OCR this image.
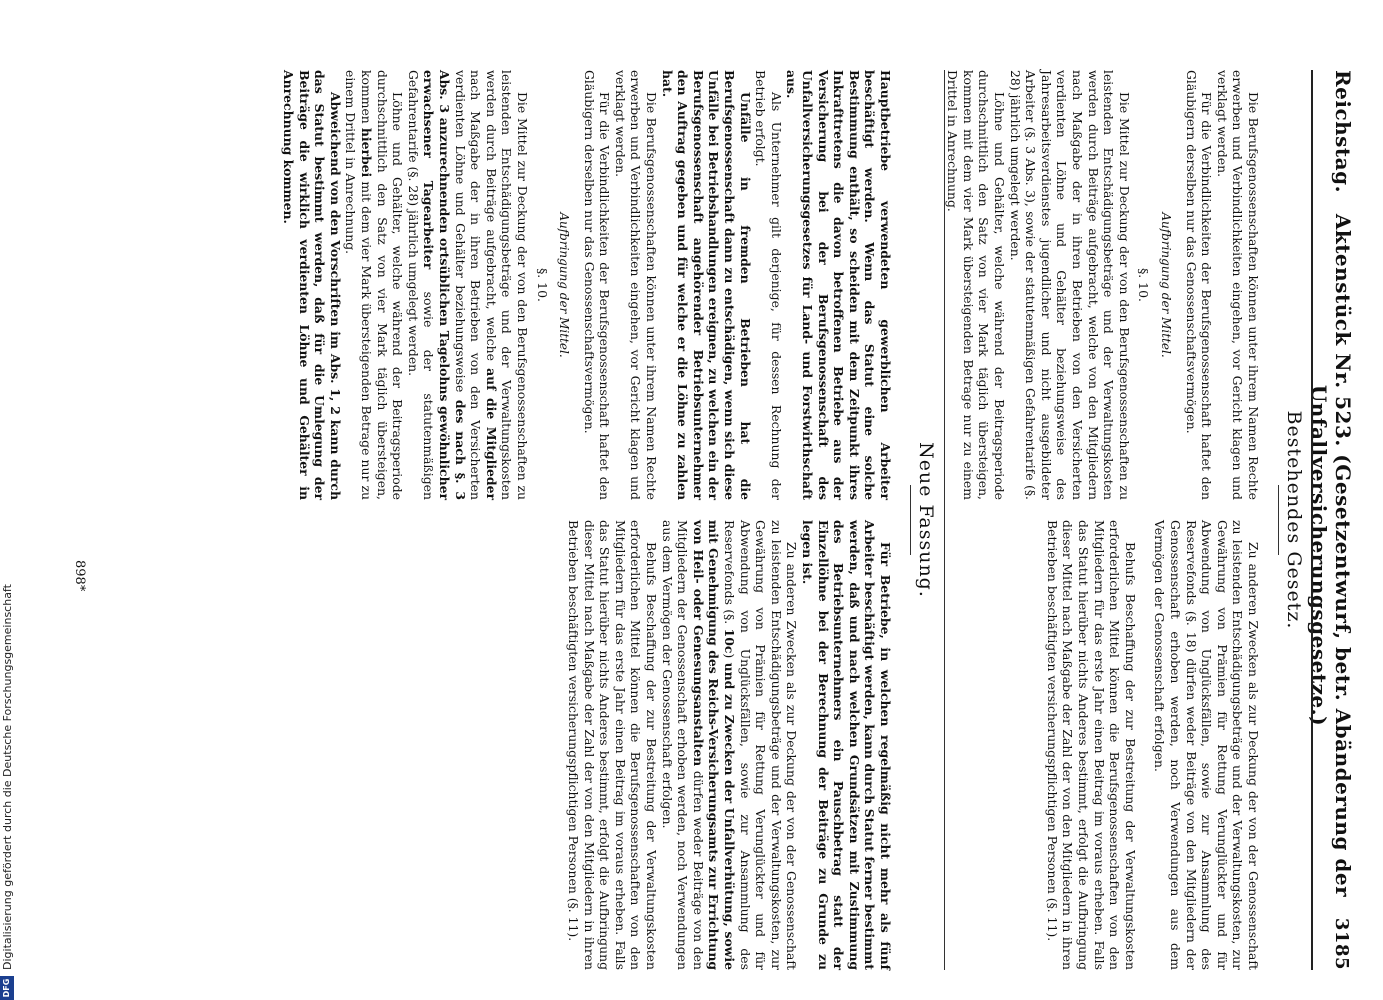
Reichstag.
Aktenstück Nr. 523. (Gesetzentwurf, betr. Abänderung der Unfallversicherungsgesetze.)
3185
Bestehendes Gesetz.

Die Berufsgenossenschaften können unter ihrem Namen Rechte erwerben und Verbindlichkeiten eingehen, vor Gericht klagen und verklagt werden.

Für die Verbindlichkeiten der Berufsgenossenschaft haftet den Gläubigern derselben nur das Genossenschaftsvermögen.

Aufbringung der Mittel.
§. 10.

Die Mittel zur Deckung der von den Berufsgenossenschaften zu leistenden Entschädigungsbeträge und der Verwaltungskosten werden durch Beiträge aufgebracht, welche von den Mitgliedern nach Maßgabe der in ihren Betrieben von den Versicherten verdienten Löhne und Gehälter beziehungsweise des Jahresarbeitsverdienstes jugendlicher und nicht ausgebildeter Arbeiter (§. 3 Abs. 3), sowie der statutenmäßigen Gefahrentarife (§. 28) jährlich umgelegt werden.

Löhne und Gehälter, welche während der Beitragsperiode durchschnittlich den Satz von vier Mark täglich übersteigen, kommen mit dem vier Mark übersteigenden Betrage nur zu einem Drittel in Anrechnung.

Zu anderen Zwecken als zur Deckung der von der Genossenschaft zu leistenden Entschädigungsbeträge und der Verwaltungskosten, zur Gewährung von Prämien für Rettung Verunglückter und für Abwendung von Unglücksfällen, sowie zur Ansammlung des Reservefonds (§. 18) dürfen weder Beiträge von den Mitgliedern der Genossenschaft erhoben werden, noch Verwendungen aus dem Vermögen der Genossenschaft erfolgen.

Behufs Beschaffung der zur Bestreitung der Verwaltungskosten erforderlichen Mittel können die Berufsgenossenschaften von den Mitgliedern für das erste Jahr einen Beitrag im voraus erheben. Falls das Statut hierüber nichts Anderes bestimmt, erfolgt die Aufbringung dieser Mittel nach Maßgabe der Zahl der von den Mitgliedern in ihren Betrieben beschäftigten versicherungspflichtigen Personen (§. 11).

Neue Fassung.

Hauptbetriebe verwendeten gewerblichen Arbeiter beschäftigt werden. Wenn das Statut eine solche Bestimmung enthält, so scheiden mit dem Zeitpunkt ihres Inkrafttretens die davon betroffenen Betriebe aus der Versicherung bei der Berufsgenossenschaft des Unfallversicherungsgesetzes für Land- und Forstwirthschaft aus.

Als Unternehmer gilt derjenige, für dessen Rechnung der Betrieb erfolgt.

Unfälle in fremden Betrieben hat die Berufsgenossenschaft dann zu entschädigen, wenn sich diese Unfälle bei Betriebshandlungen ereignen, zu welchen ein der Berufsgenossenschaft angehörender Betriebsunternehmer den Auftrag gegeben und für welche er die Löhne zu zahlen hat.

Die Berufsgenossenschaften können unter ihrem Namen Rechte erwerben und Verbindlichkeiten eingehen, vor Gericht klagen und verklagt werden.

Für die Verbindlichkeiten der Berufsgenossenschaft haftet den Gläubigern derselben nur das Genossenschaftsvermögen.

Aufbringung der Mittel.
§. 10.

Die Mittel zur Deckung der von den Berufsgenossenschaften zu leistenden Entschädigungsbeträge und der Verwaltungskosten werden durch Beiträge aufgebracht, welche auf die Mitglieder nach Maßgabe der in ihren Betrieben von den Versicherten verdienten Löhne und Gehälter beziehungsweise des nach §. 3 Abs. 3 anzurechnenden ortsüblichen Tagelohns gewöhnlicher erwachsener Tagearbeiter sowie der statutenmäßigen Gefahrentarife (§. 28) jährlich umgelegt werden.

Löhne und Gehälter, welche während der Beitragsperiode durchschnittlich den Satz von vier Mark täglich übersteigen, kommen hierbei mit dem vier Mark übersteigenden Betrage nur zu einem Drittel in Anrechnung.

Abweichend von den Vorschriften im Abs. 1, 2 kann durch das Statut bestimmt werden, daß für die Umlegung der Beiträge die wirklich verdienten Löhne und Gehälter in Anrechnung kommen.

Für Betriebe, in welchen regelmäßig nicht mehr als fünf Arbeiter beschäftigt werden, kann durch Statut ferner bestimmt werden, daß und nach welchen Grundsätzen mit Zustimmung des Betriebsunternehmers ein Pauschbetrag statt der Einzellöhne bei der Berechnung der Beiträge zu Grunde zu legen ist.

Zu anderen Zwecken als zur Deckung der von der Genossenschaft zu leistenden Entschädigungsbeträge und der Verwaltungskosten, zur Gewährung von Prämien für Rettung Verunglückter und für Abwendung von Unglücksfällen, sowie zur Ansammlung des Reservefonds (§. 10c) und zu Zwecken der Unfallverhütung, sowie mit Genehmigung des Reichs-Versicherungsamts zur Errichtung von Heil- oder Genesungsanstalten dürfen weder Beiträge von den Mitgliedern der Genossenschaft erhoben werden, noch Verwendungen aus dem Vermögen der Genossenschaft erfolgen.

Behufs Beschaffung der zur Bestreitung der Verwaltungskosten erforderlichen Mittel können die Berufsgenossenschaften von den Mitgliedern für das erste Jahr einen Beitrag im voraus erheben. Falls das Statut hierüber nichts Anderes bestimmt, erfolgt die Aufbringung dieser Mittel nach Maßgabe der Zahl der von den Mitgliedern in ihren Betrieben beschäftigten versicherungspflichtigen Personen (§. 11).

898*
DFG
Digitalisierung gefördert durch die Deutsche Forschungsgemeinschaft
